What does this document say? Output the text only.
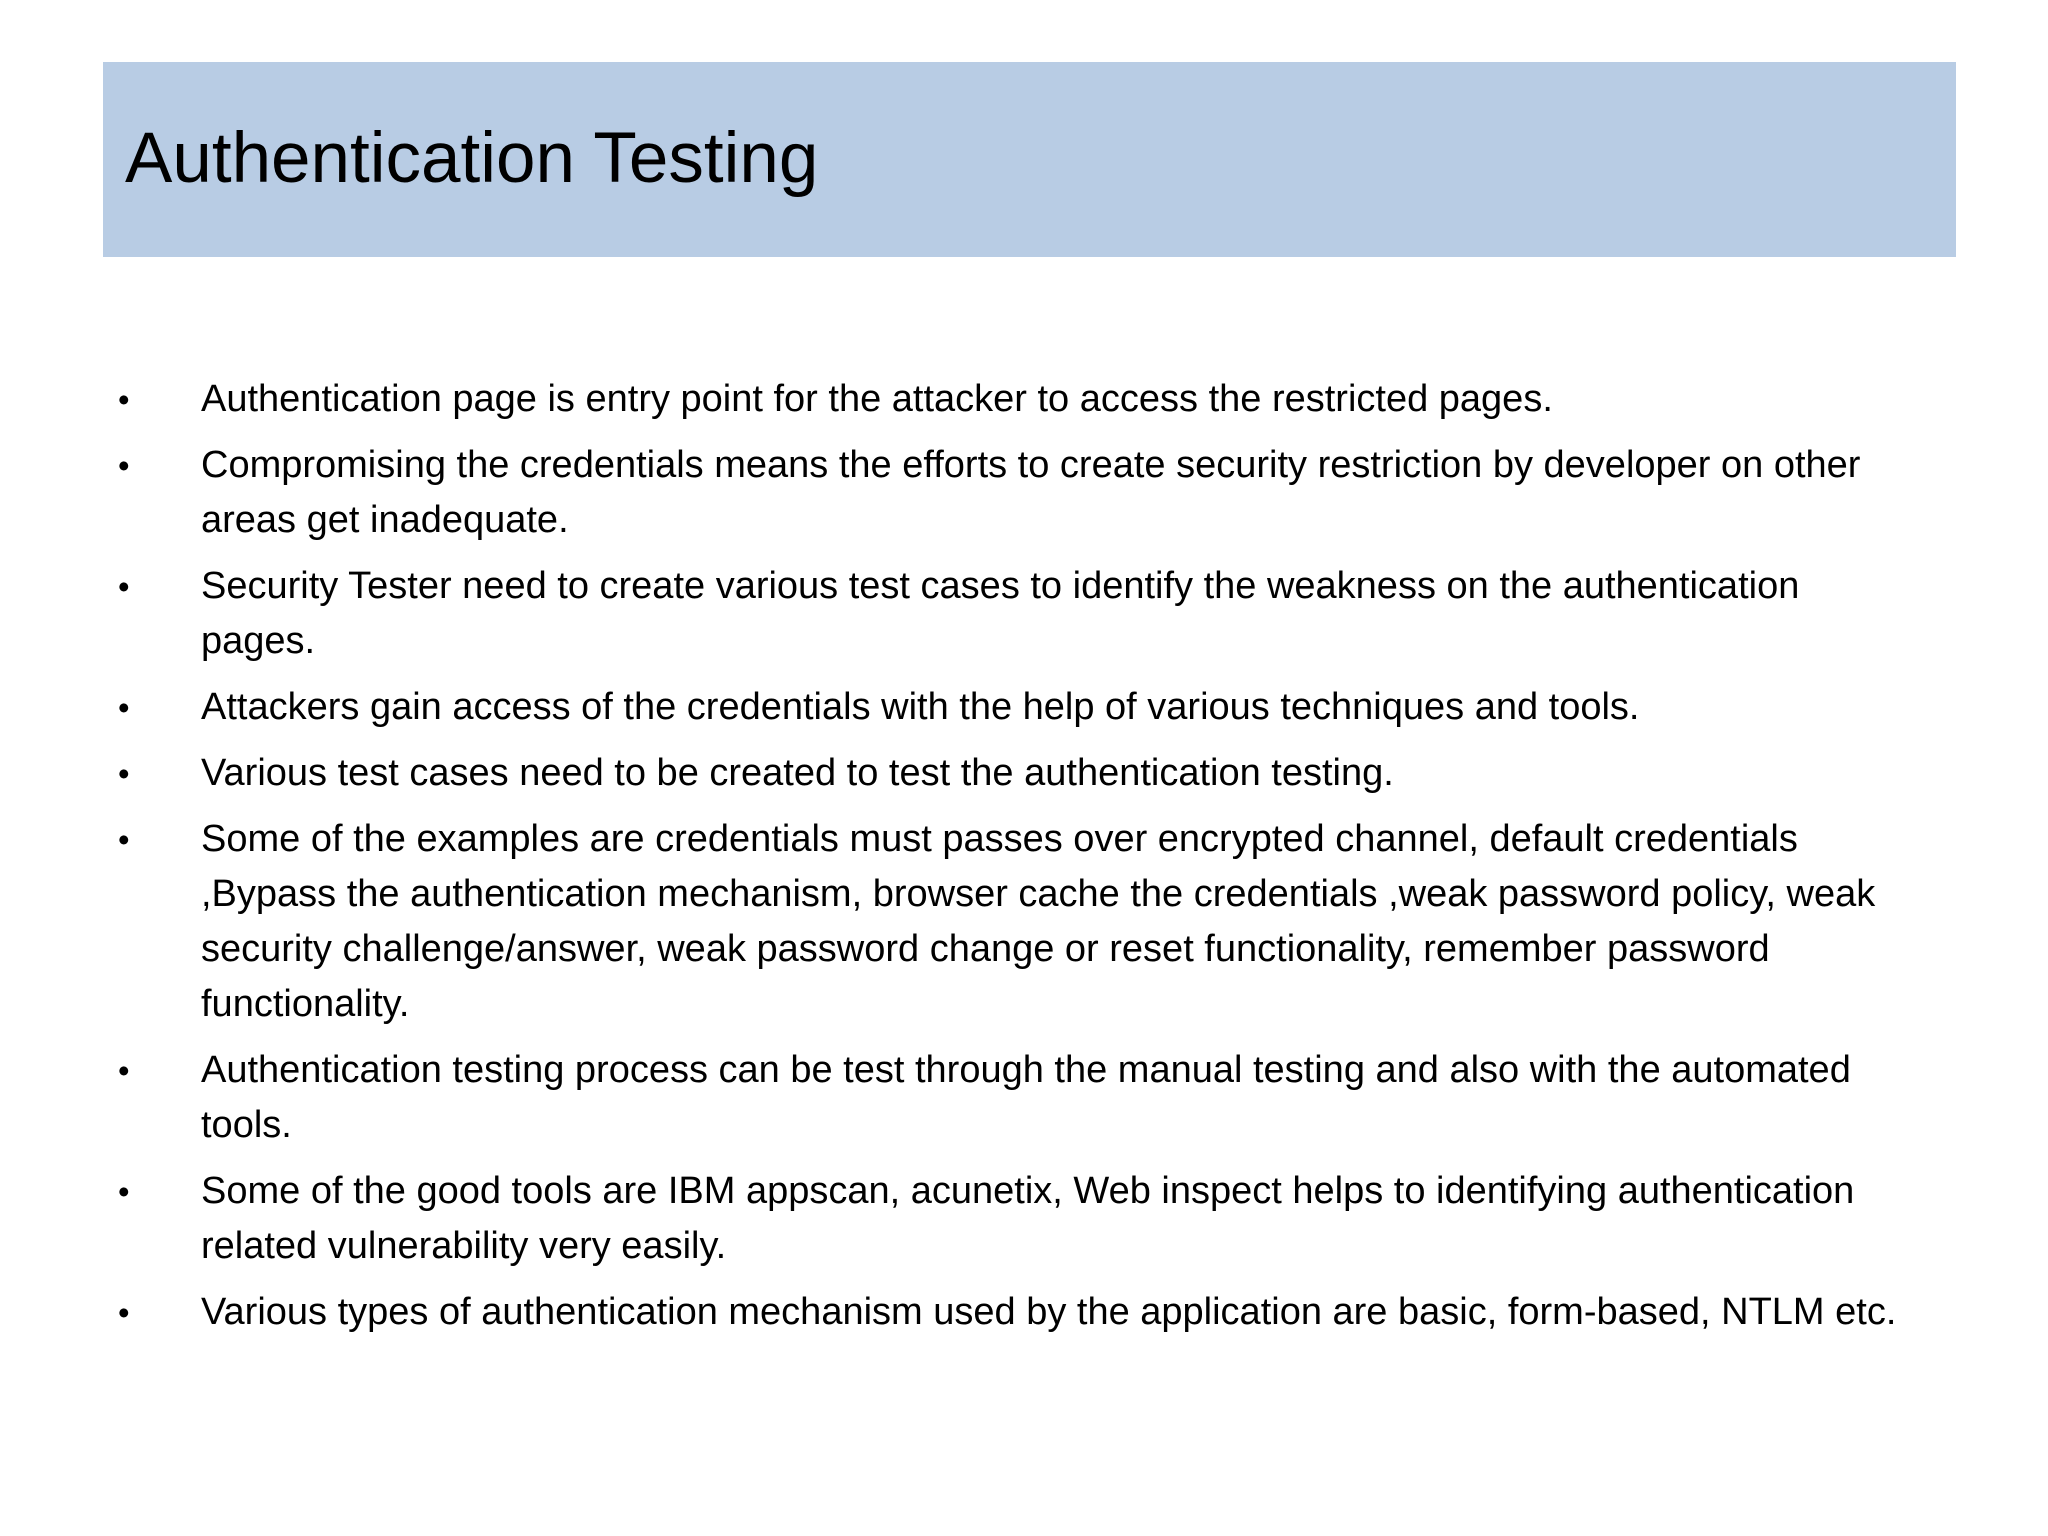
Authentication Testing
•	Authentication page is entry point for the attacker to access the restricted pages.
•	Compromising the credentials means the efforts to create security restriction by developer on other areas get inadequate.
•	Security Tester need to create various test cases to identify the weakness on the authentication pages.
•	Attackers gain access of the credentials with the help of various techniques and tools.
•	Various test cases need to be created to test the authentication testing.
•	Some of the examples are credentials must passes over encrypted channel, default credentials ,Bypass the authentication mechanism, browser cache the credentials ,weak password policy, weak security challenge/answer, weak password change or reset functionality, remember password functionality.
•	Authentication testing process can be test through the manual testing and also with the automated tools.
•	Some of the good tools are IBM appscan, acunetix, Web inspect helps to identifying authentication related vulnerability very easily.
•	Various types of authentication mechanism used by the application are basic, form-based, NTLM etc.
